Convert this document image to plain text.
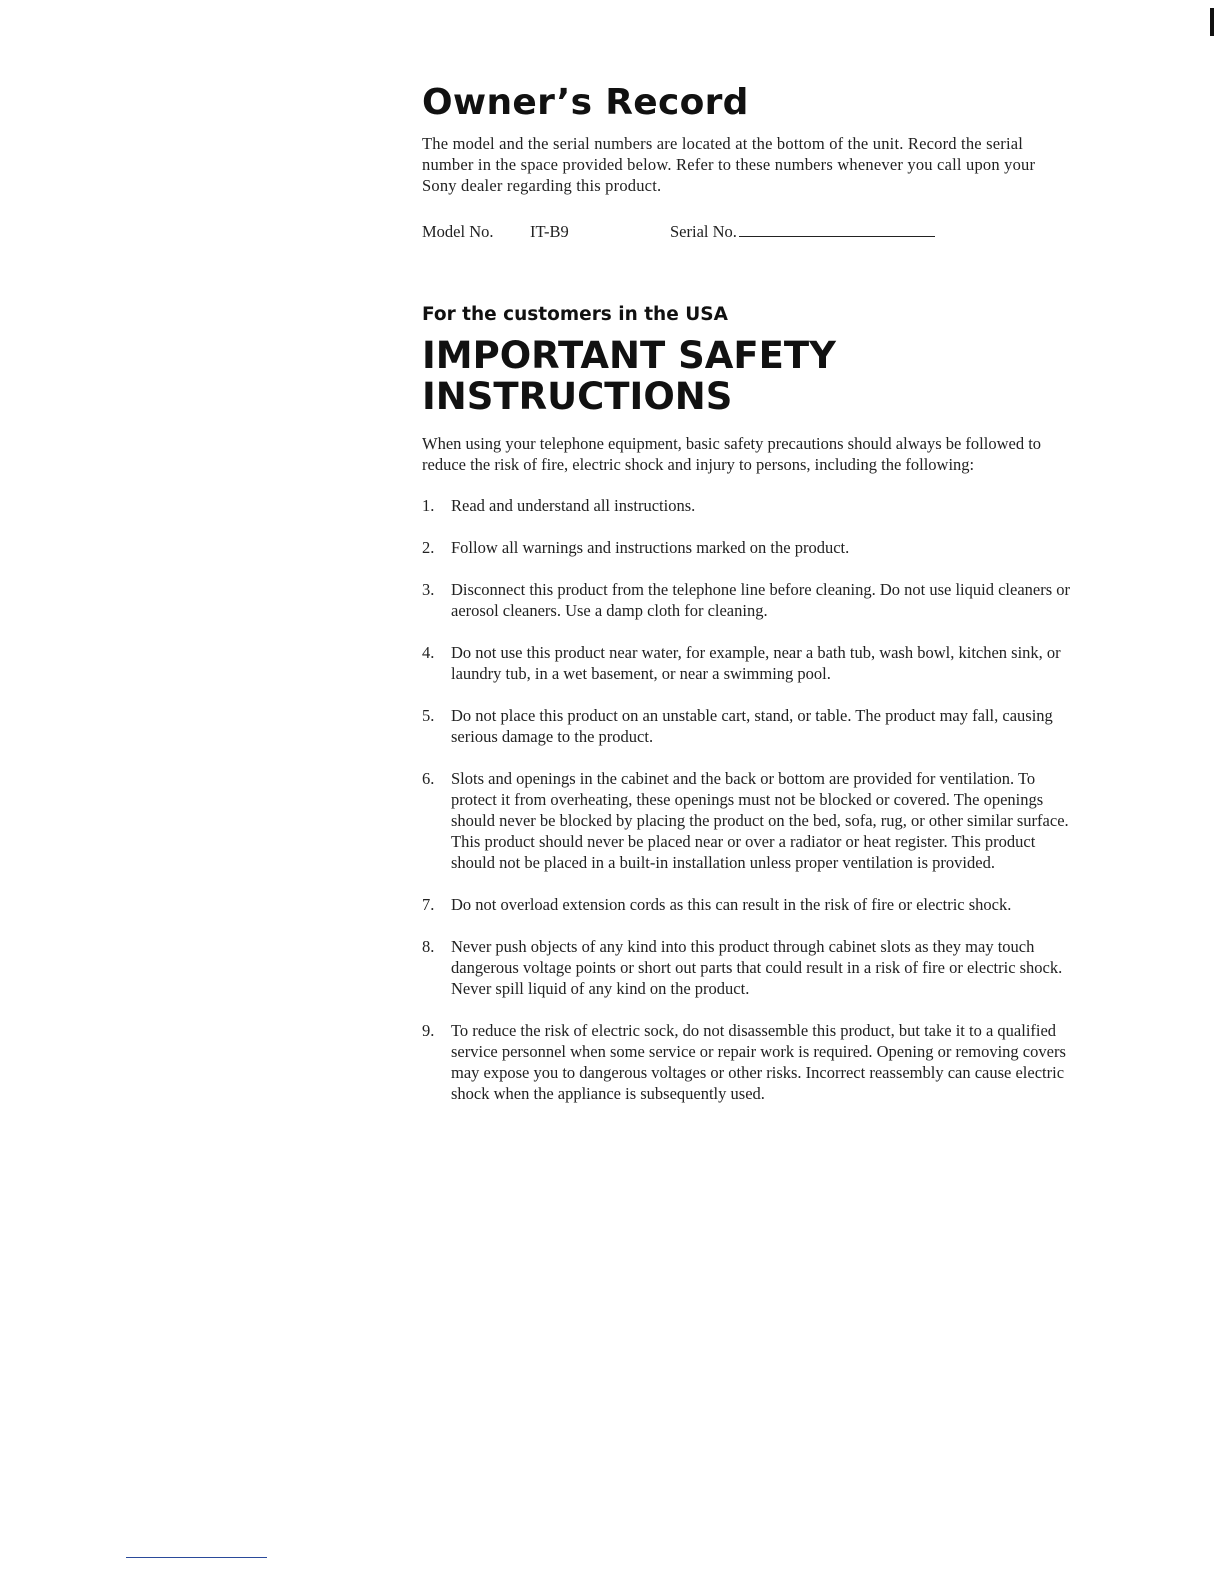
Owner’s Record

The model and the serial numbers are located at the bottom of the unit. Record the serial number in the space provided below. Refer to these numbers whenever you call upon your Sony dealer regarding this product.

Model No.	IT-B9	Serial No.
For the customers in the USA
IMPORTANT SAFETY INSTRUCTIONS

When using your telephone equipment, basic safety precautions should always be followed to reduce the risk of fire, electric shock and injury to persons, including the following:

1.	Read and understand all instructions.
2.	Follow all warnings and instructions marked on the product.
3.	Disconnect this product from the telephone line before cleaning. Do not use liquid cleaners or aerosol cleaners. Use a damp cloth for cleaning.
4.	Do not use this product near water, for example, near a bath tub, wash bowl, kitchen sink, or laundry tub, in a wet basement, or near a swimming pool.
5.	Do not place this product on an unstable cart, stand, or table. The product may fall, causing serious damage to the product.
6.	Slots and openings in the cabinet and the back or bottom are provided for ventilation. To protect it from overheating, these openings must not be blocked or covered. The openings should never be blocked by placing the product on the bed, sofa, rug, or other similar surface. This product should never be placed near or over a radiator or heat register. This product should not be placed in a built-in installation unless proper ventilation is provided.
7.	Do not overload extension cords as this can result in the risk of fire or electric shock.
8.	Never push objects of any kind into this product through cabinet slots as they may touch dangerous voltage points or short out parts that could result in a risk of fire or electric shock. Never spill liquid of any kind on the product.
9.	To reduce the risk of electric sock, do not disassemble this product, but take it to a qualified service personnel when some service or repair work is required. Opening or removing covers may expose you to dangerous voltages or other risks. Incorrect reassembly can cause electric shock when the appliance is subsequently used.
